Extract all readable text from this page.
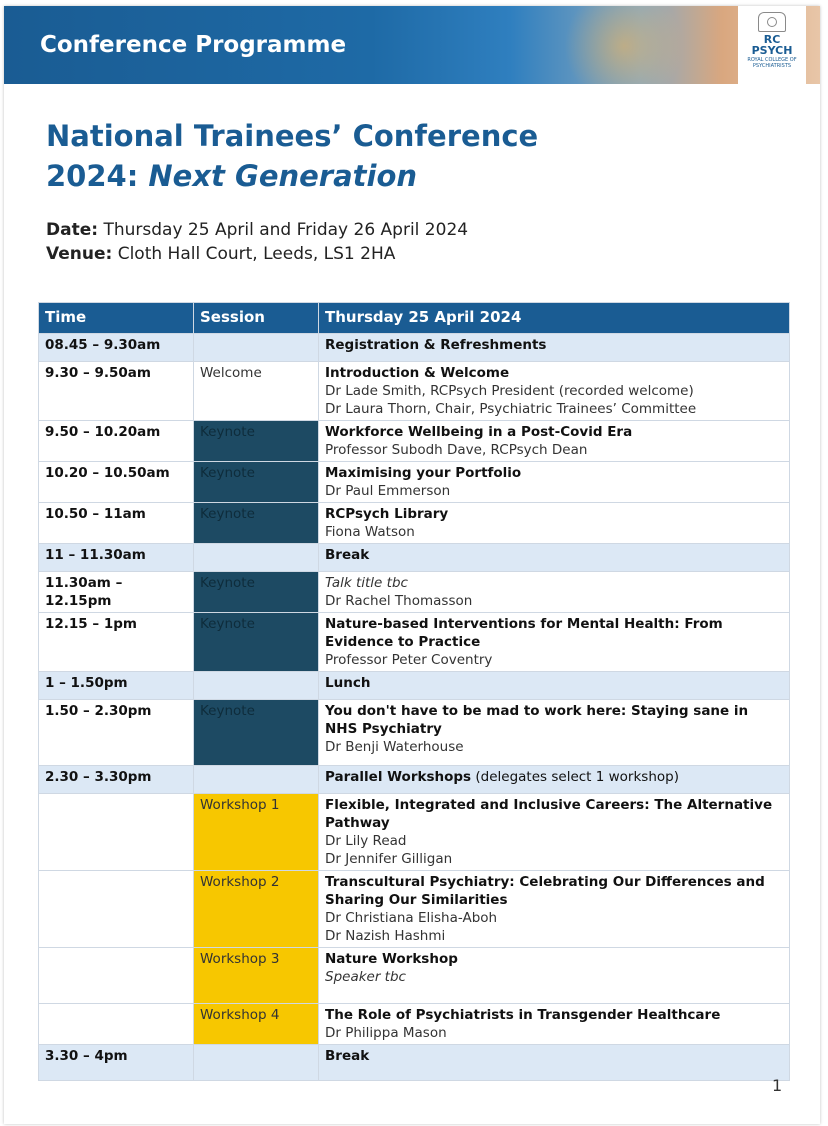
Conference Programme	RC
PSYCH
ROYAL COLLEGE OF PSYCHIATRISTS
National Trainees’ Conference
2024: Next Generation
Date: Thursday 25 April and Friday 26 April 2024
Venue: Cloth Hall Court, Leeds, LS1 2HA
Time	Session	Thursday 25 April 2024
08.45 – 9.30am		Registration & Refreshments

9.30 – 9.50am	Welcome	Introduction & Welcome
Dr Lade Smith, RCPsych President (recorded welcome)
Dr Laura Thorn, Chair, Psychiatric Trainees’ Committee

9.50 – 10.20am	Keynote	Workforce Wellbeing in a Post-Covid Era
Professor Subodh Dave, RCPsych Dean

10.20 – 10.50am	Keynote	Maximising your Portfolio
Dr Paul Emmerson

10.50 – 11am	Keynote	RCPsych Library
Fiona Watson

11 – 11.30am		Break

11.30am – 12.15pm	Keynote	Talk title tbc
Dr Rachel Thomasson

12.15 – 1pm	Keynote	Nature-based Interventions for Mental Health: From Evidence to Practice
Professor Peter Coventry

1 – 1.50pm		Lunch

1.50 – 2.30pm	Keynote	You don't have to be mad to work here: Staying sane in NHS Psychiatry
Dr Benji Waterhouse

2.30 – 3.30pm		Parallel Workshops (delegates select 1 workshop)
	Workshop 1	Flexible, Integrated and Inclusive Careers: The Alternative Pathway
Dr Lily Read
Dr Jennifer Gilligan

	Workshop 2	Transcultural Psychiatry: Celebrating Our Differences and Sharing Our Similarities
Dr Christiana Elisha-Aboh
Dr Nazish Hashmi

	Workshop 3	Nature Workshop
Speaker tbc

	Workshop 4	The Role of Psychiatrists in Transgender Healthcare
Dr Philippa Mason

3.30 – 4pm		Break
1
